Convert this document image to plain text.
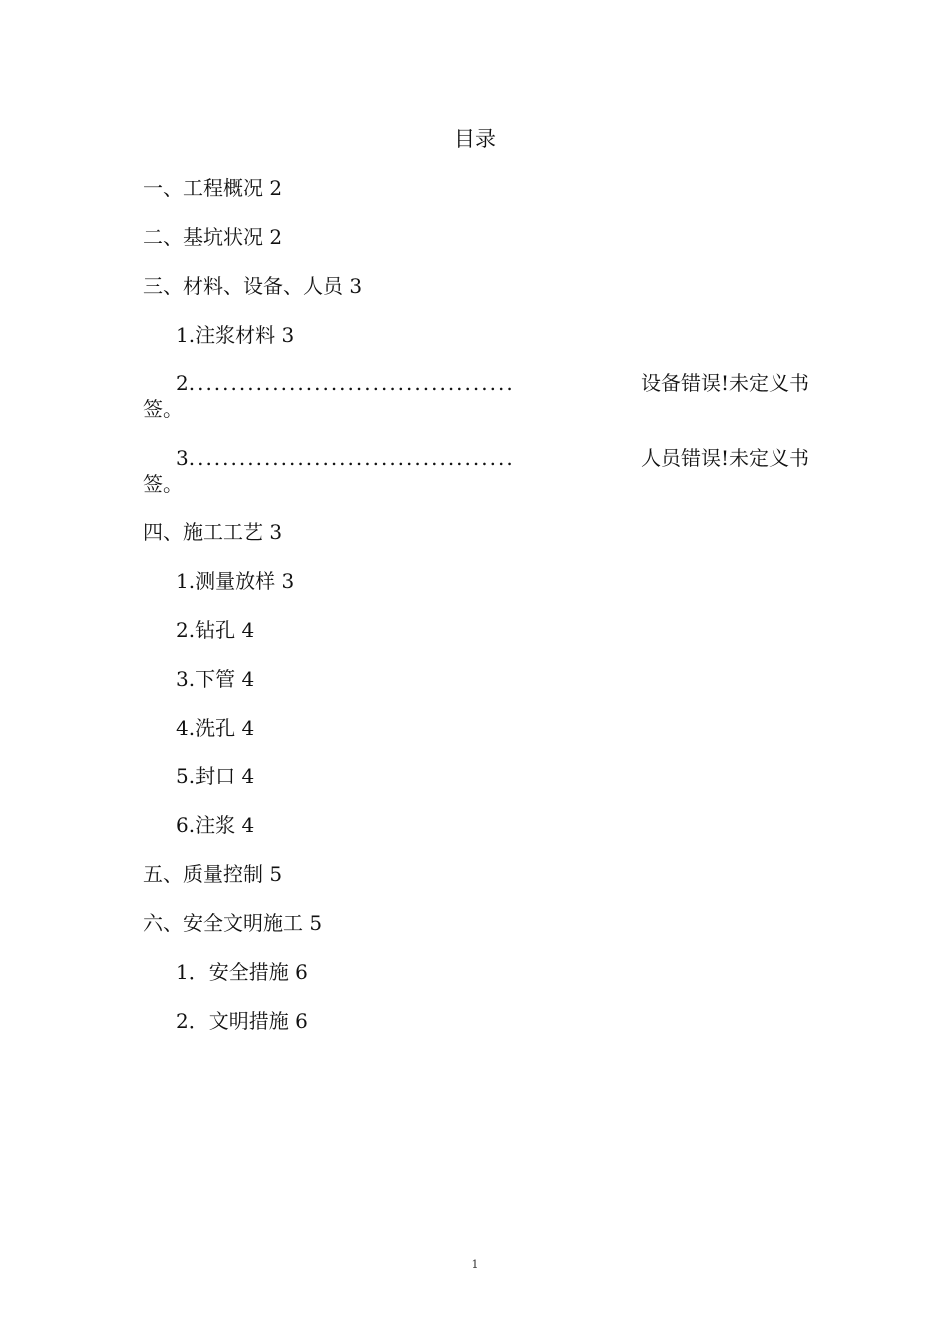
目录
一、工程概况 2
二、基坑状况 2
三、材料、设备、人员 3
1.注浆材料 3
2. ......................................	设备错误!未定义书
签。
3. ......................................	人员错误!未定义书
签。
四、施工工艺 3
1.测量放样 3
2.钻孔 4
3.下管 4
4.洗孔 4
5.封口 4
6.注浆 4
五、质量控制 5
六、安全文明施工 5
1．安全措施 6
2．文明措施 6
1
